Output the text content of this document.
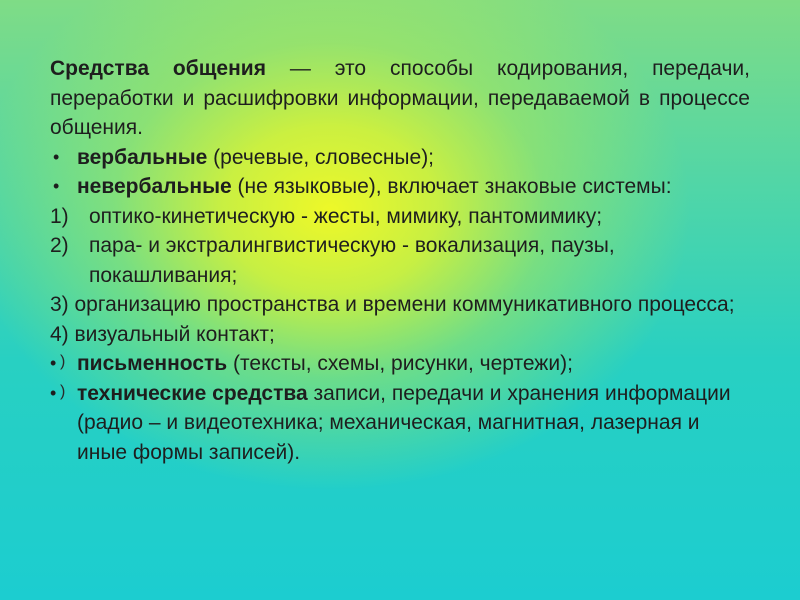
Средства общения — это способы кодирования, передачи, переработки и расшифровки информации, передаваемой в процессе общения.

• вербальные (речевые, словесные);

• невербальные (не языковые), включает знаковые системы:

1) оптико-кинетическую - жесты, мимику, пантомимику;

2) пара- и экстралингвистическую - вокализация, паузы, покашливания;

3) организацию пространства и времени коммуникативного процесса;

4) визуальный контакт;

• ) письменность (тексты, схемы, рисунки, чертежи);

• ) технические средства записи, передачи и хранения информации (радио – и видеотехника; механическая, магнитная, лазерная и иные формы записей).
